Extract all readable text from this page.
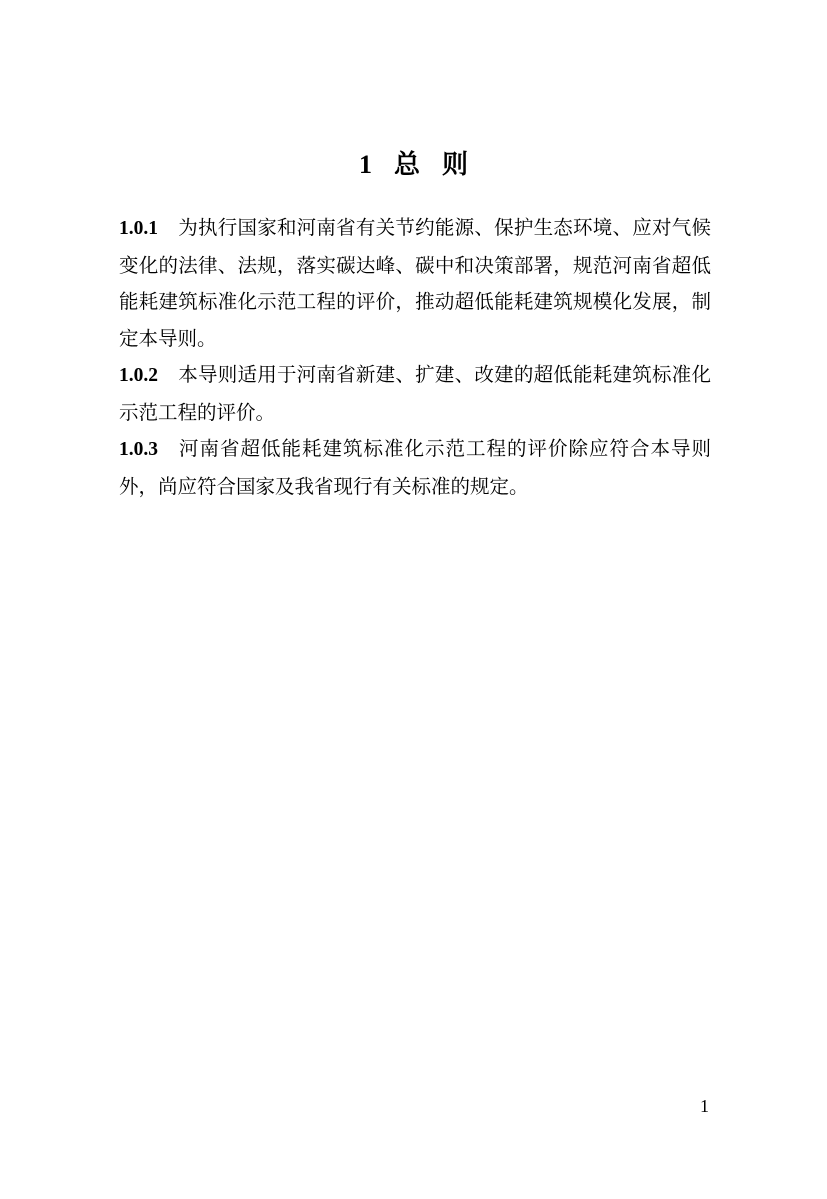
1 总则

1.0.1 为执行国家和河南省有关节约能源、保护生态环境、应对气候变化的法律、法规，落实碳达峰、碳中和决策部署，规范河南省超低能耗建筑标准化示范工程的评价，推动超低能耗建筑规模化发展，制定本导则。

1.0.2 本导则适用于河南省新建、扩建、改建的超低能耗建筑标准化示范工程的评价。

1.0.3 河南省超低能耗建筑标准化示范工程的评价除应符合本导则外，尚应符合国家及我省现行有关标准的规定。

1
